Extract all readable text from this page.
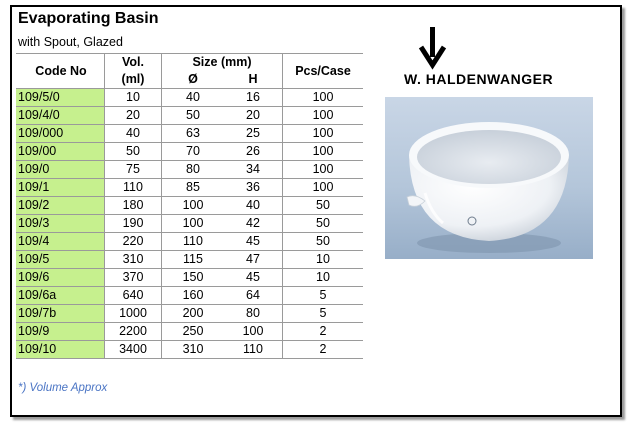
Evaporating Basin
with Spout, Glazed
Code No	Vol.	Size (mm)		Pcs/Case
	(ml)	Ø	H	
109/5/0	10	40	16	100
109/4/0	20	50	20	100
109/000	40	63	25	100
109/00	50	70	26	100
109/0	75	80	34	100
109/1	110	85	36	100
109/2	180	100	40	50
109/3	190	100	42	50
109/4	220	110	45	50
109/5	310	115	47	10
109/6	370	150	45	10
109/6a	640	160	64	5
109/7b	1000	200	80	5
109/9	2200	250	100	2
109/10	3400	310	110	2
*) Volume Approx
W. HALDENWANGER
